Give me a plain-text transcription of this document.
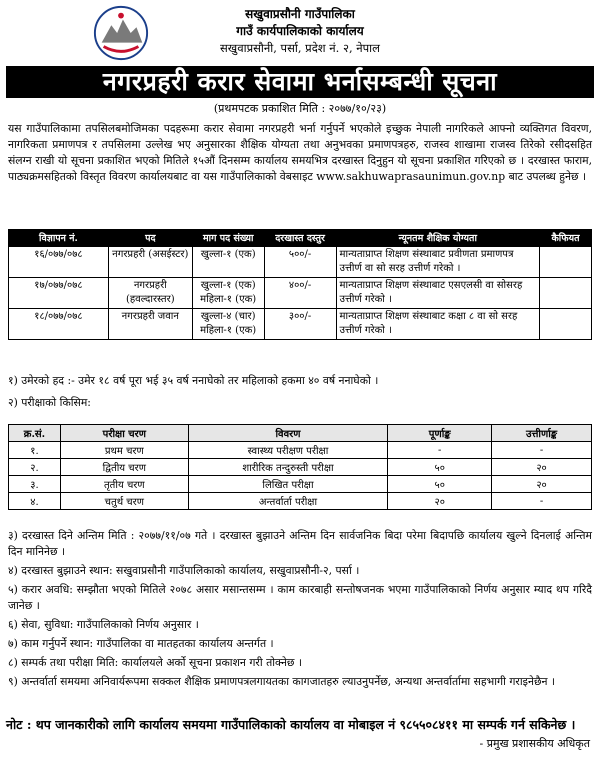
सखुवाप्रसौनी गाउँपालिका
गाउँ कार्यपालिकाको कार्यालय
सखुवाप्रसौनी, पर्सा, प्रदेश नं. २, नेपाल
नगरप्रहरी करार सेवामा भर्नासम्बन्धी सूचना
(प्रथमपटक प्रकाशित मिति : २०७७/१०/२३)
यस गाउँपालिकामा तपसिलबमोजिमका पदहरूमा करार सेवामा नगरप्रहरी भर्ना गर्नुपर्ने भएकोले इच्छुक नेपाली नागरिकले आफ्नो व्यक्तिगत विवरण, नागरिकता प्रमाणपत्र र तपसिलमा उल्लेख भए अनुसारका शैक्षिक योग्यता तथा अनुभवका प्रमाणपत्रहरु, राजस्व शाखामा राजस्व तिरेको रसीदसहित संलग्न राखी यो सूचना प्रकाशित भएको मितिले १५औं दिनसम्म कार्यालय समयभित्र दरखास्त दिनुहुन यो सूचना प्रकाशित गरिएको छ । दरखास्त फाराम, पाठ्यक्रमसहितको विस्तृत विवरण कार्यालयबाट वा यस गाउँपालिकाको वेबसाइट www.sakhuwaprasaunimun.gov.np बाट उपलब्ध हुनेछ ।
विज्ञापन नं.	पद	माग पद संख्या	दरखास्त दस्तुर	न्यूनतम शैक्षिक योग्यता	कैफियत
१६/०७७/०७८	नगरप्रहरी (असईस्टर)	खुल्ला-१ (एक)	५००/-	मान्यताप्राप्त शिक्षण संस्थाबाट प्रवीणता प्रमाणपत्र उत्तीर्ण वा सो सरह उत्तीर्ण गरेको ।	
१७/०७७/०७८	नगरप्रहरी (हवल्दारस्तर)	खुल्ला-१ (एक) महिला-१ (एक)	४००/-	मान्यताप्राप्त शिक्षण संस्थाबाट एसएलसी वा सोसरह उत्तीर्ण गरेको ।	
१८/०७७/०७८	नगरप्रहरी जवान	खुल्ला-४ (चार) महिला-१ (एक)	३००/-	मान्यताप्राप्त शिक्षण संस्थाबाट कक्षा ८ वा सो सरह उत्तीर्ण गरेको ।	
१) उमेरको हद :- उमेर १८ वर्ष पूरा भई ३५ वर्ष ननाघेको तर महिलाको हकमा ४० वर्ष ननाघेको ।
२) परीक्षाको किसिम:
क्र.सं.	परीक्षा चरण	विवरण	पूर्णाङ्क	उत्तीर्णाङ्क
१.	प्रथम चरण	स्वास्थ्य परीक्षण परीक्षा	-	-
२.	द्वितीय चरण	शारीरिक तन्दुरुस्ती परीक्षा	५०	२०
३.	तृतीय चरण	लिखित परीक्षा	५०	२०
४.	चतुर्थ चरण	अन्तर्वार्ता परीक्षा	२०	-

३) दरखास्त दिने अन्तिम मिति : २०७७/११/०७ गते । दरखास्त बुझाउने अन्तिम दिन सार्वजनिक बिदा परेमा बिदापछि कार्यालय खुल्ने दिनलाई अन्तिम दिन मानिनेछ ।

४) दरखास्त बुझाउने स्थान: सखुवाप्रसौनी गाउँपालिकाको कार्यालय, सखुवाप्रसौनी-२, पर्सा ।

५) करार अवधि: सम्झौता भएको मितिले २०७८ असार मसान्तसम्म । काम कारबाही सन्तोषजनक भएमा गाउँपालिकाको निर्णय अनुसार म्याद थप गरिदै जानेछ ।

६) सेवा, सुविधा: गाउँपालिकाको निर्णय अनुसार ।

७) काम गर्नुपर्ने स्थान: गाउँपालिका वा मातहतका कार्यालय अन्तर्गत ।

८) सम्पर्क तथा परीक्षा मिति: कार्यालयले अर्को सूचना प्रकाशन गरी तोक्नेछ ।

९) अन्तर्वार्ता समयमा अनिवार्यरूपमा सक्कल शैक्षिक प्रमाणपत्रलगायतका कागजातहरु ल्याउनुपर्नेछ, अन्यथा अन्तर्वार्तामा सहभागी गराइनेछैन ।

नोट : थप जानकारीको लागि कार्यालय समयमा गाउँपालिकाको कार्यालय वा मोबाइल नं ९८५५०८४११ मा सम्पर्क गर्न सकिनेछ ।
- प्रमुख प्रशासकीय अधिकृत
